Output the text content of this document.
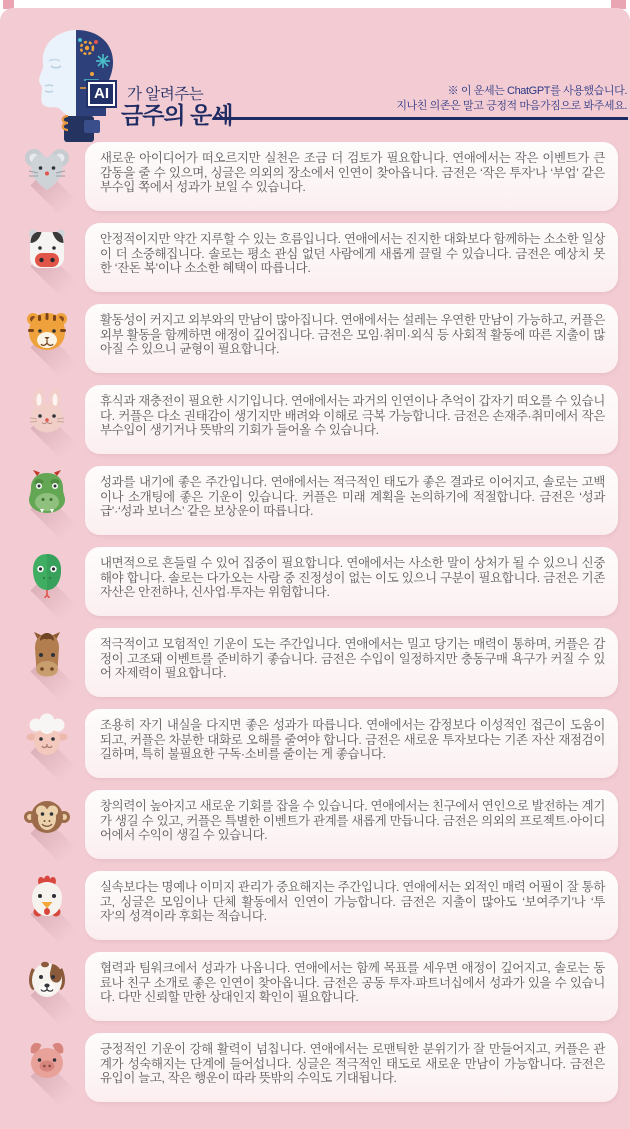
AI	가 알려주는
금주의 운세
※ 이 운세는 ChatGPT를 사용했습니다.
지나친 의존은 말고 긍정적 마음가짐으로 봐주세요.

새로운 아이디어가 떠오르지만 실천은 조금 더 검토가 필요합니다. 연애에서는 작은 이벤트가 큰 감동을 줄 수 있으며, 싱글은 의외의 장소에서 인연이 찾아옵니다. 금전은 ‘작은 투자’나 ‘부업’ 같은 부수입 쪽에서 성과가 보일 수 있습니다.

안정적이지만 약간 지루할 수 있는 흐름입니다. 연애에서는 진지한 대화보다 함께하는 소소한 일상이 더 소중해집니다. 솔로는 평소 관심 없던 사람에게 새롭게 끌릴 수 있습니다. 금전은 예상치 못한 ‘잔돈 복’이나 소소한 혜택이 따릅니다.

활동성이 커지고 외부와의 만남이 많아집니다. 연애에서는 설레는 우연한 만남이 가능하고, 커플은 외부 활동을 함께하면 애정이 깊어집니다. 금전은 모임·취미·외식 등 사회적 활동에 따른 지출이 많아질 수 있으니 균형이 필요합니다.

휴식과 재충전이 필요한 시기입니다. 연애에서는 과거의 인연이나 추억이 갑자기 떠오를 수 있습니다. 커플은 다소 권태감이 생기지만 배려와 이해로 극복 가능합니다. 금전은 손재주·취미에서 작은 부수입이 생기거나 뜻밖의 기회가 들어올 수 있습니다.

성과를 내기에 좋은 주간입니다. 연애에서는 적극적인 태도가 좋은 결과로 이어지고, 솔로는 고백이나 소개팅에 좋은 기운이 있습니다. 커플은 미래 계획을 논의하기에 적절합니다. 금전은 ‘성과급’·‘성과 보너스’ 같은 보상운이 따릅니다.

내면적으로 흔들릴 수 있어 집중이 필요합니다. 연애에서는 사소한 말이 상처가 될 수 있으니 신중해야 합니다. 솔로는 다가오는 사람 중 진정성이 없는 이도 있으니 구분이 필요합니다. 금전은 기존 자산은 안전하나, 신사업·투자는 위험합니다.

적극적이고 모험적인 기운이 도는 주간입니다. 연애에서는 밀고 당기는 매력이 통하며, 커플은 감정이 고조돼 이벤트를 준비하기 좋습니다. 금전은 수입이 일정하지만 충동구매 욕구가 커질 수 있어 자제력이 필요합니다.

조용히 자기 내실을 다지면 좋은 성과가 따릅니다. 연애에서는 감정보다 이성적인 접근이 도움이 되고, 커플은 차분한 대화로 오해를 줄여야 합니다. 금전은 새로운 투자보다는 기존 자산 재점검이 길하며, 특히 불필요한 구독·소비를 줄이는 게 좋습니다.

창의력이 높아지고 새로운 기회를 잡을 수 있습니다. 연애에서는 친구에서 연인으로 발전하는 계기가 생길 수 있고, 커플은 특별한 이벤트가 관계를 새롭게 만듭니다. 금전은 의외의 프로젝트·아이디어에서 수익이 생길 수 있습니다.

실속보다는 명예나 이미지 관리가 중요해지는 주간입니다. 연애에서는 외적인 매력 어필이 잘 통하고, 싱글은 모임이나 단체 활동에서 인연이 가능합니다. 금전은 지출이 많아도 ‘보여주기’나 ‘투자’의 성격이라 후회는 적습니다.

협력과 팀워크에서 성과가 나옵니다. 연애에서는 함께 목표를 세우면 애정이 깊어지고, 솔로는 동료나 친구 소개로 좋은 인연이 찾아옵니다. 금전은 공동 투자·파트너십에서 성과가 있을 수 있습니다. 다만 신뢰할 만한 상대인지 확인이 필요합니다.

긍정적인 기운이 강해 활력이 넘칩니다. 연애에서는 로맨틱한 분위기가 잘 만들어지고, 커플은 관계가 성숙해지는 단계에 들어섭니다. 싱글은 적극적인 태도로 새로운 만남이 가능합니다. 금전은 유입이 늘고, 작은 행운이 따라 뜻밖의 수익도 기대됩니다.
